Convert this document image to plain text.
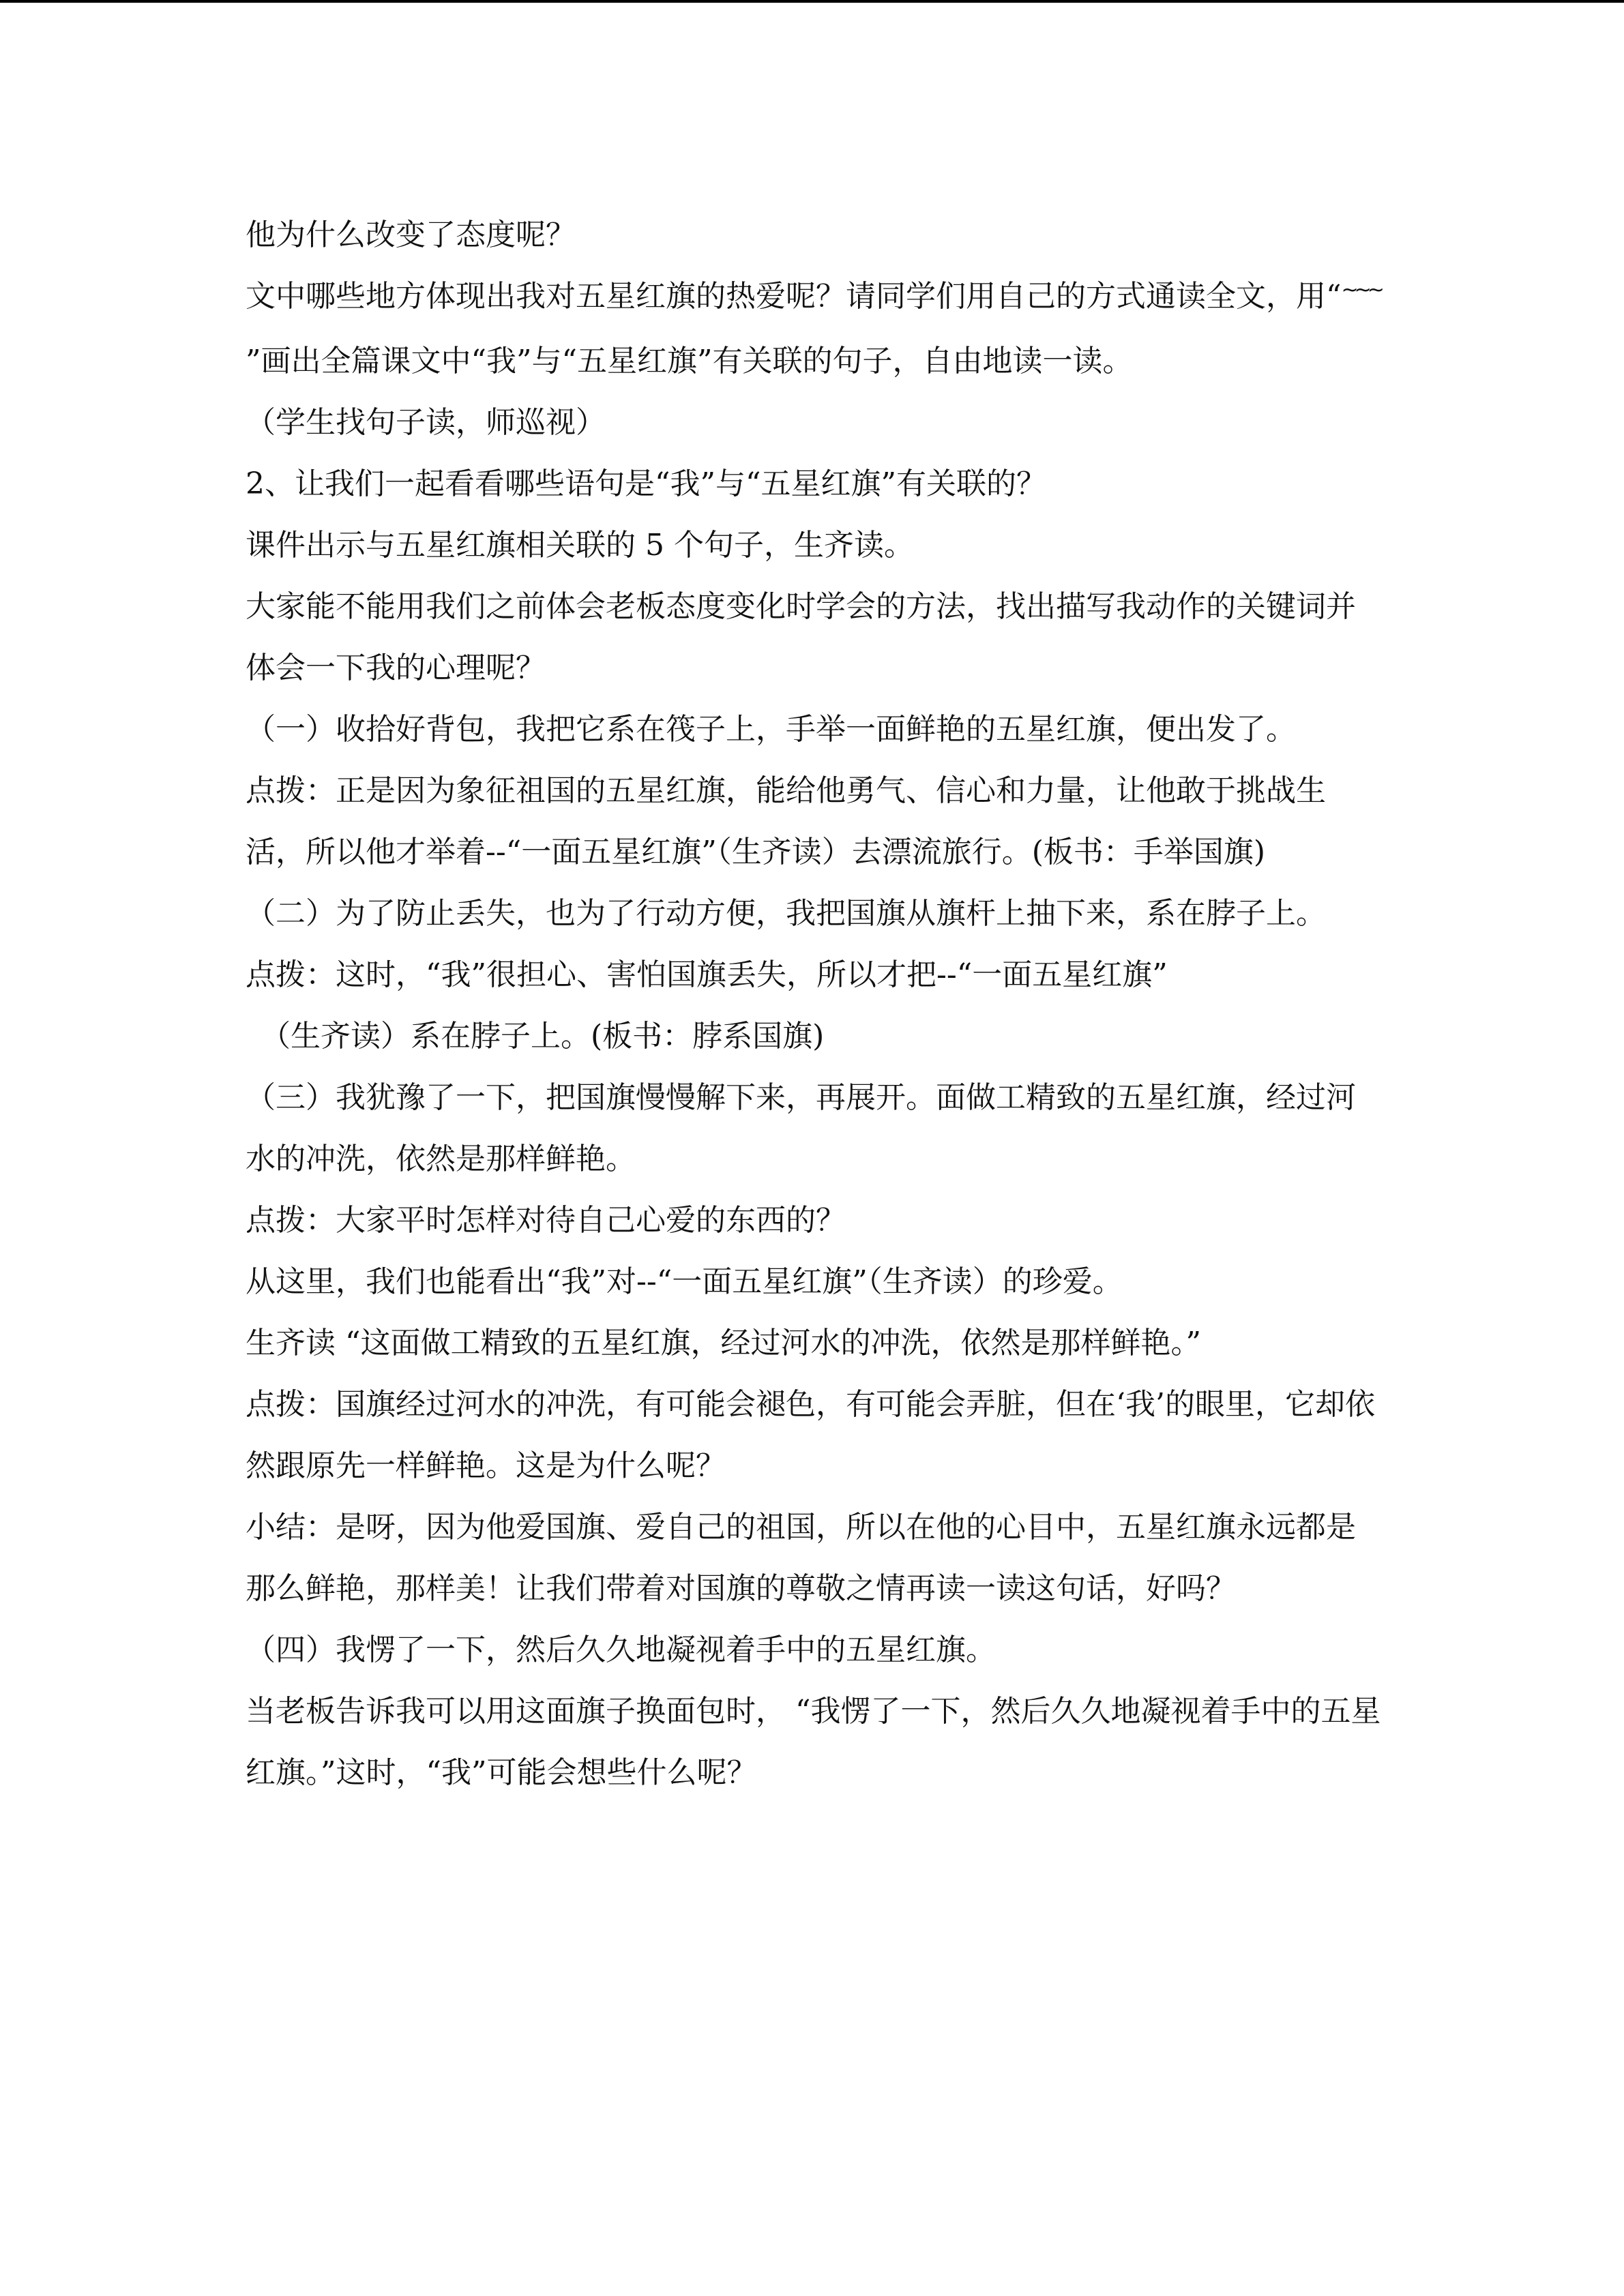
他为什么改变了态度呢？

文中哪些地方体现出我对五星红旗的热爱呢？请同学们用自己的方式通读全文，用“~~~”画出全篇课文中“我”与“五星红旗”有关联的句子，自由地读一读。

（学生找句子读，师巡视）

2、让我们一起看看哪些语句是“我”与“五星红旗”有关联的？

课件出示与五星红旗相关联的 5 个句子，生齐读。

大家能不能用我们之前体会老板态度变化时学会的方法，找出描写我动作的关键词并体会一下我的心理呢？

（一）收拾好背包，我把它系在筏子上，手举一面鲜艳的五星红旗，便出发了。

点拨：正是因为象征祖国的五星红旗，能给他勇气、信心和力量，让他敢于挑战生活，所以他才举着--“一面五星红旗”（生齐读）去漂流旅行。(板书：手举国旗)

（二）为了防止丢失，也为了行动方便，我把国旗从旗杆上抽下来，系在脖子上。

点拨：这时，“我”很担心、害怕国旗丢失，所以才把--“一面五星红旗”

（生齐读）系在脖子上。(板书：脖系国旗)

（三）我犹豫了一下，把国旗慢慢解下来，再展开。面做工精致的五星红旗，经过河水的冲洗，依然是那样鲜艳。

点拨：大家平时怎样对待自己心爱的东西的？

从这里，我们也能看出“我”对--“一面五星红旗”（生齐读）的珍爱。

生齐读 “这面做工精致的五星红旗，经过河水的冲洗，依然是那样鲜艳。”

点拨：国旗经过河水的冲洗，有可能会褪色，有可能会弄脏，但在‘我’的眼里，它却依然跟原先一样鲜艳。这是为什么呢？

小结：是呀，因为他爱国旗、爱自己的祖国，所以在他的心目中，五星红旗永远都是那么鲜艳，那样美！让我们带着对国旗的尊敬之情再读一读这句话，好吗？

（四）我愣了一下，然后久久地凝视着手中的五星红旗。

当老板告诉我可以用这面旗子换面包时， “我愣了一下，然后久久地凝视着手中的五星红旗。”这时，“我”可能会想些什么呢？
